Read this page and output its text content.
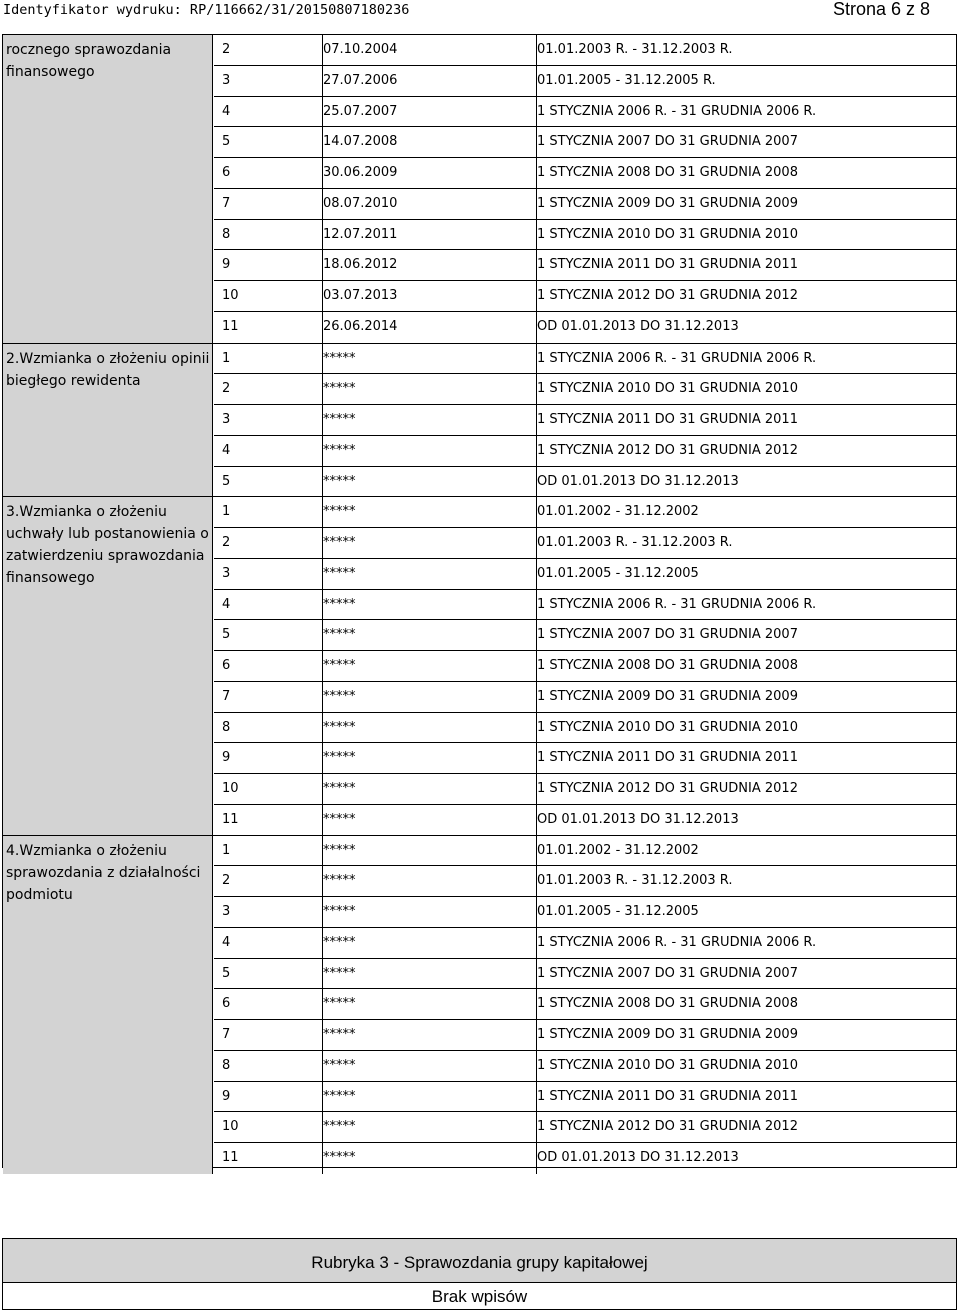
Identyfikator wydruku: RP/116662/31/20150807180236	Strona 6 z 8
rocznego sprawozdania finansowego
2	07.10.2004	01.01.2003 R. - 31.12.2003 R.
3	27.07.2006	01.01.2005 - 31.12.2005 R.
4	25.07.2007	1 STYCZNIA 2006 R. - 31 GRUDNIA 2006 R.
5	14.07.2008	1 STYCZNIA 2007 DO 31 GRUDNIA 2007
6	30.06.2009	1 STYCZNIA 2008 DO 31 GRUDNIA 2008
7	08.07.2010	1 STYCZNIA 2009 DO 31 GRUDNIA 2009
8	12.07.2011	1 STYCZNIA 2010 DO 31 GRUDNIA 2010
9	18.06.2012	1 STYCZNIA 2011 DO 31 GRUDNIA 2011
10	03.07.2013	1 STYCZNIA 2012 DO 31 GRUDNIA 2012
11	26.06.2014	OD 01.01.2013 DO 31.12.2013
2.Wzmianka o złożeniu opinii biegłego rewidenta
1	*****	1 STYCZNIA 2006 R. - 31 GRUDNIA 2006 R.
2	*****	1 STYCZNIA 2010 DO 31 GRUDNIA 2010
3	*****	1 STYCZNIA 2011 DO 31 GRUDNIA 2011
4	*****	1 STYCZNIA 2012 DO 31 GRUDNIA 2012
5	*****	OD 01.01.2013 DO 31.12.2013
3.Wzmianka o złożeniu uchwały lub postanowienia o zatwierdzeniu sprawozdania finansowego
1	*****	01.01.2002 - 31.12.2002
2	*****	01.01.2003 R. - 31.12.2003 R.
3	*****	01.01.2005 - 31.12.2005
4	*****	1 STYCZNIA 2006 R. - 31 GRUDNIA 2006 R.
5	*****	1 STYCZNIA 2007 DO 31 GRUDNIA 2007
6	*****	1 STYCZNIA 2008 DO 31 GRUDNIA 2008
7	*****	1 STYCZNIA 2009 DO 31 GRUDNIA 2009
8	*****	1 STYCZNIA 2010 DO 31 GRUDNIA 2010
9	*****	1 STYCZNIA 2011 DO 31 GRUDNIA 2011
10	*****	1 STYCZNIA 2012 DO 31 GRUDNIA 2012
11	*****	OD 01.01.2013 DO 31.12.2013
4.Wzmianka o złożeniu sprawozdania z działalności podmiotu
1	*****	01.01.2002 - 31.12.2002
2	*****	01.01.2003 R. - 31.12.2003 R.
3	*****	01.01.2005 - 31.12.2005
4	*****	1 STYCZNIA 2006 R. - 31 GRUDNIA 2006 R.
5	*****	1 STYCZNIA 2007 DO 31 GRUDNIA 2007
6	*****	1 STYCZNIA 2008 DO 31 GRUDNIA 2008
7	*****	1 STYCZNIA 2009 DO 31 GRUDNIA 2009
8	*****	1 STYCZNIA 2010 DO 31 GRUDNIA 2010
9	*****	1 STYCZNIA 2011 DO 31 GRUDNIA 2011
10	*****	1 STYCZNIA 2012 DO 31 GRUDNIA 2012
11	*****	OD 01.01.2013 DO 31.12.2013
Rubryka 3 - Sprawozdania grupy kapitałowej
Brak wpisów
